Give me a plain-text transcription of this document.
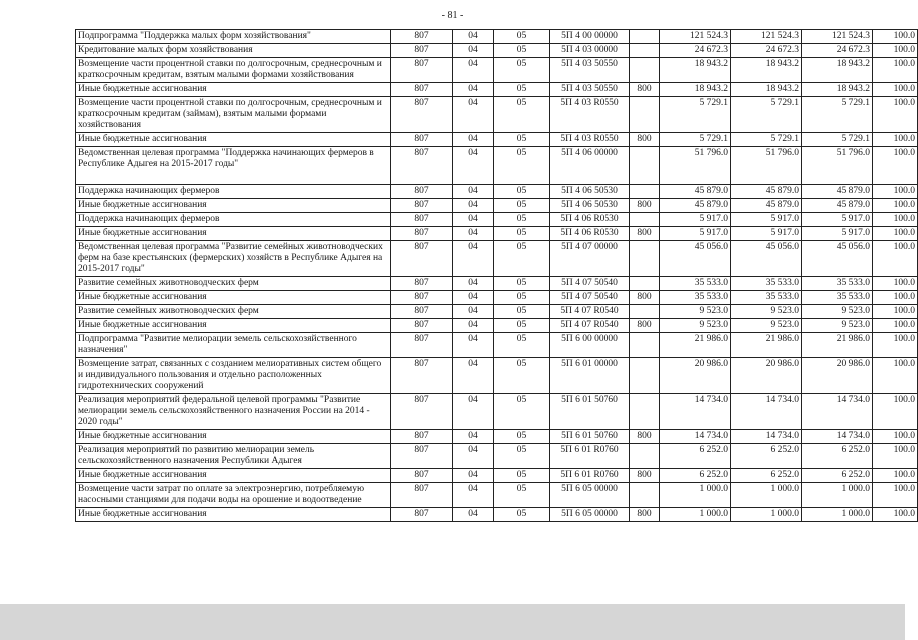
- 81 -
Подпрограмма "Поддержка малых форм хозяйствования"	807	04	05	5П 4 00 00000		121 524.3	121 524.3	121 524.3	100.0
Кредитование малых форм хозяйствования	807	04	05	5П 4 03 00000		24 672.3	24 672.3	24 672.3	100.0
Возмещение части процентной ставки по долгосрочным, среднесрочным и краткосрочным кредитам, взятым малыми формами хозяйствования	807	04	05	5П 4 03 50550		18 943.2	18 943.2	18 943.2	100.0
Иные бюджетные ассигнования	807	04	05	5П 4 03 50550	800	18 943.2	18 943.2	18 943.2	100.0
Возмещение части процентной ставки по долгосрочным, среднесрочным и краткосрочным кредитам (займам), взятым малыми формами хозяйствования	807	04	05	5П 4 03 R0550		5 729.1	5 729.1	5 729.1	100.0
Иные бюджетные ассигнования	807	04	05	5П 4 03 R0550	800	5 729.1	5 729.1	5 729.1	100.0
Ведомственная целевая программа "Поддержка начинающих фермеров в Республике Адыгея на 2015-2017 годы"	807	04	05	5П 4 06 00000		51 796.0	51 796.0	51 796.0	100.0
Поддержка начинающих фермеров	807	04	05	5П 4 06 50530		45 879.0	45 879.0	45 879.0	100.0
Иные бюджетные ассигнования	807	04	05	5П 4 06 50530	800	45 879.0	45 879.0	45 879.0	100.0
Поддержка начинающих фермеров	807	04	05	5П 4 06 R0530		5 917.0	5 917.0	5 917.0	100.0
Иные бюджетные ассигнования	807	04	05	5П 4 06 R0530	800	5 917.0	5 917.0	5 917.0	100.0
Ведомственная целевая программа "Развитие семейных животноводческих ферм на базе крестьянских (фермерских) хозяйств в Республике Адыгея на 2015-2017 годы"	807	04	05	5П 4 07 00000		45 056.0	45 056.0	45 056.0	100.0
Развитие семейных животноводческих ферм	807	04	05	5П 4 07 50540		35 533.0	35 533.0	35 533.0	100.0
Иные бюджетные ассигнования	807	04	05	5П 4 07 50540	800	35 533.0	35 533.0	35 533.0	100.0
Развитие семейных животноводческих ферм	807	04	05	5П 4 07 R0540		9 523.0	9 523.0	9 523.0	100.0
Иные бюджетные ассигнования	807	04	05	5П 4 07 R0540	800	9 523.0	9 523.0	9 523.0	100.0
Подпрограмма "Развитие мелиорации земель сельскохозяйственного назначения"	807	04	05	5П 6 00 00000		21 986.0	21 986.0	21 986.0	100.0
Возмещение затрат, связанных с созданием мелиоративных систем общего и индивидуального пользования и отдельно расположенных гидротехнических сооружений	807	04	05	5П 6 01 00000		20 986.0	20 986.0	20 986.0	100.0
Реализация мероприятий федеральной целевой программы "Развитие мелиорации земель сельскохозяйственного назначения России на 2014 - 2020 годы"	807	04	05	5П 6 01 50760		14 734.0	14 734.0	14 734.0	100.0
Иные бюджетные ассигнования	807	04	05	5П 6 01 50760	800	14 734.0	14 734.0	14 734.0	100.0
Реализация мероприятий по развитию мелиорации земель сельскохозяйственного назначения Республики Адыгея	807	04	05	5П 6 01 R0760		6 252.0	6 252.0	6 252.0	100.0
Иные бюджетные ассигнования	807	04	05	5П 6 01 R0760	800	6 252.0	6 252.0	6 252.0	100.0
Возмещение части затрат по оплате за электроэнергию, потребляемую насосными станциями для подачи воды на орошение и водоотведение	807	04	05	5П 6 05 00000		1 000.0	1 000.0	1 000.0	100.0
Иные бюджетные ассигнования	807	04	05	5П 6 05 00000	800	1 000.0	1 000.0	1 000.0	100.0
